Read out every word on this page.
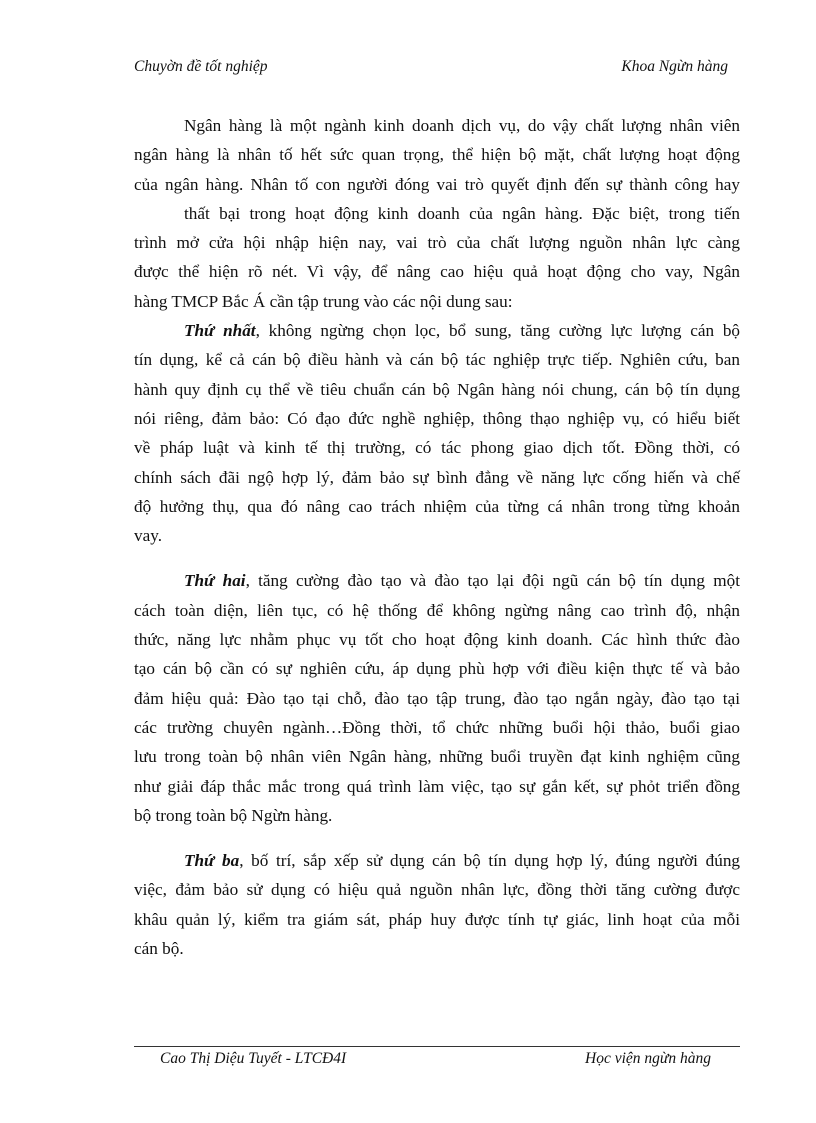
Chuyờn đề tốt nghiệp	Khoa Ngừn hàng
Ngân hàng là một ngành kinh doanh dịch vụ, do vậy chất lượng nhân viên
ngân hàng là nhân tố hết sức quan trọng, thể hiện bộ mặt, chất lượng hoạt động
của ngân hàng. Nhân tố con người đóng vai trò quyết định đến sự thành công hay
thất bại trong hoạt động kinh doanh của ngân hàng. Đặc biệt, trong tiến
trình mở cửa hội nhập hiện nay, vai trò của chất lượng nguồn nhân lực càng
được thể hiện rõ nét. Vì vậy, để nâng cao hiệu quả hoạt động cho vay, Ngân
hàng TMCP Bắc Á cần tập trung vào các nội dung sau:
Thứ nhất, không ngừng chọn lọc, bổ sung, tăng cường lực lượng cán bộ
tín dụng, kể cả cán bộ điều hành và cán bộ tác nghiệp trực tiếp. Nghiên cứu, ban
hành quy định cụ thể về tiêu chuẩn cán bộ Ngân hàng nói chung, cán bộ tín dụng
nói riêng, đảm bảo: Có đạo đức nghề nghiệp, thông thạo nghiệp vụ, có hiểu biết
về pháp luật và kinh tế thị trường, có tác phong giao dịch tốt. Đồng thời, có
chính sách đãi ngộ hợp lý, đảm bảo sự bình đẳng về năng lực cống hiến và chế
độ hưởng thụ, qua đó nâng cao trách nhiệm của từng cá nhân trong từng khoản
vay.
Thứ hai, tăng cường đào tạo và đào tạo lại đội ngũ cán bộ tín dụng một
cách toàn diện, liên tục, có hệ thống để không ngừng nâng cao trình độ, nhận
thức, năng lực nhằm phục vụ tốt cho hoạt động kinh doanh. Các hình thức đào
tạo cán bộ cần có sự nghiên cứu, áp dụng phù hợp với điều kiện thực tế và bảo
đảm hiệu quả: Đào tạo tại chỗ, đào tạo tập trung, đào tạo ngắn ngày, đào tạo tại
các trường chuyên ngành…Đồng thời, tổ chức những buổi hội thảo, buổi giao
lưu trong toàn bộ nhân viên Ngân hàng, những buổi truyền đạt kinh nghiệm cũng
như giải đáp thắc mắc trong quá trình làm việc, tạo sự gắn kết, sự phỏt triển đồng
bộ trong toàn bộ Ngừn hàng.
Thứ ba, bố trí, sắp xếp sử dụng cán bộ tín dụng hợp lý, đúng người đúng
việc, đảm bảo sử dụng có hiệu quả nguồn nhân lực, đồng thời tăng cường được
khâu quản lý, kiểm tra giám sát, pháp huy được tính tự giác, linh hoạt của mỗi
cán bộ.
Cao Thị Diệu Tuyết - LTCĐ4I	Học viện ngừn hàng
